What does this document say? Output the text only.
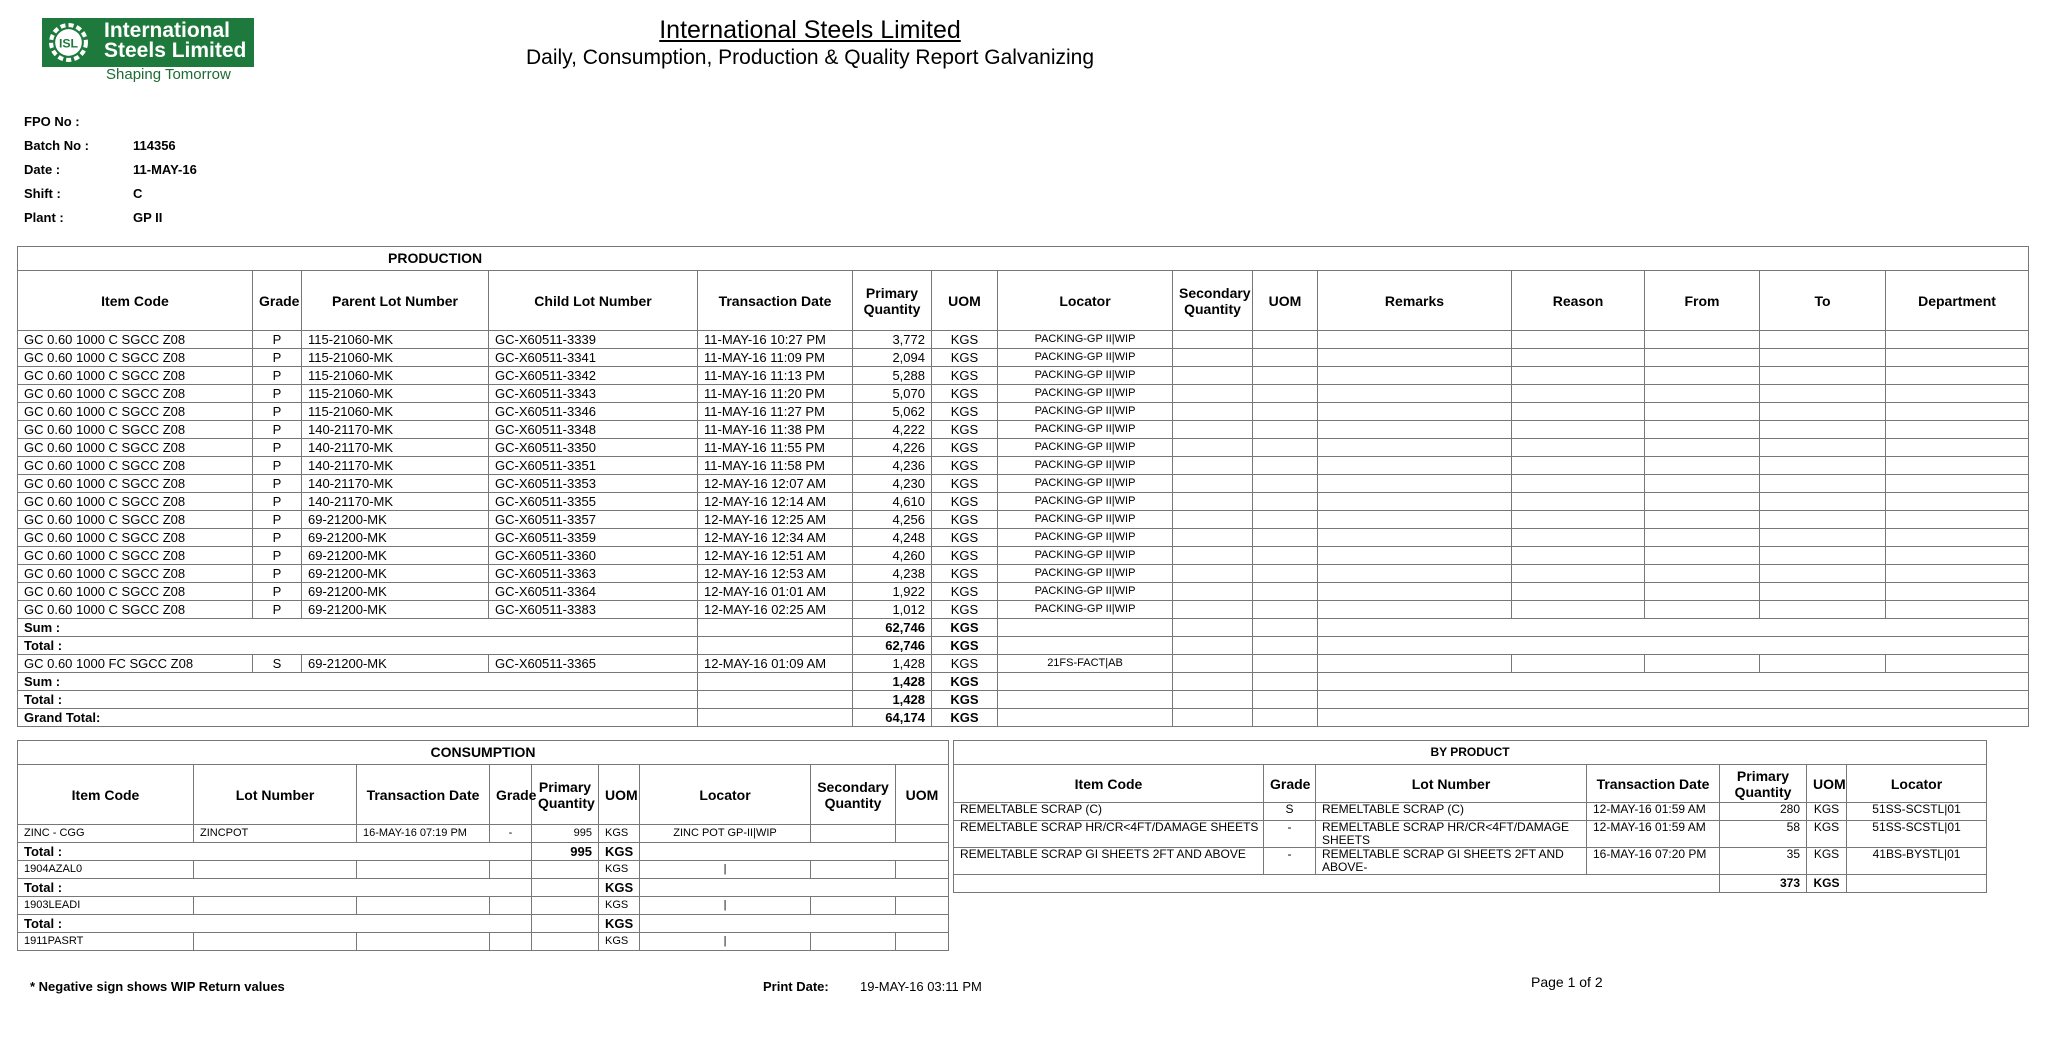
ISL
International
Steels Limited
Shaping Tomorrow
International Steels Limited
Daily, Consumption, Production & Quality Report Galvanizing
FPO No :
Batch No :	114356
Date :	11-MAY-16
Shift :	C
Plant :	GP II
PRODUCTION														
Item Code	Grade	Parent Lot Number	Child Lot Number	Transaction Date	Primary Quantity	UOM	Locator	Secondary Quantity	UOM	Remarks	Reason	From	To	Department
GC 0.60 1000 C SGCC Z08	P	115-21060-MK	GC-X60511-3339	11-MAY-16 10:27 PM	3,772	KGS	PACKING-GP II|WIP							
GC 0.60 1000 C SGCC Z08	P	115-21060-MK	GC-X60511-3341	11-MAY-16 11:09 PM	2,094	KGS	PACKING-GP II|WIP							
GC 0.60 1000 C SGCC Z08	P	115-21060-MK	GC-X60511-3342	11-MAY-16 11:13 PM	5,288	KGS	PACKING-GP II|WIP							
GC 0.60 1000 C SGCC Z08	P	115-21060-MK	GC-X60511-3343	11-MAY-16 11:20 PM	5,070	KGS	PACKING-GP II|WIP							
GC 0.60 1000 C SGCC Z08	P	115-21060-MK	GC-X60511-3346	11-MAY-16 11:27 PM	5,062	KGS	PACKING-GP II|WIP							
GC 0.60 1000 C SGCC Z08	P	140-21170-MK	GC-X60511-3348	11-MAY-16 11:38 PM	4,222	KGS	PACKING-GP II|WIP							
GC 0.60 1000 C SGCC Z08	P	140-21170-MK	GC-X60511-3350	11-MAY-16 11:55 PM	4,226	KGS	PACKING-GP II|WIP							
GC 0.60 1000 C SGCC Z08	P	140-21170-MK	GC-X60511-3351	11-MAY-16 11:58 PM	4,236	KGS	PACKING-GP II|WIP							
GC 0.60 1000 C SGCC Z08	P	140-21170-MK	GC-X60511-3353	12-MAY-16 12:07 AM	4,230	KGS	PACKING-GP II|WIP							
GC 0.60 1000 C SGCC Z08	P	140-21170-MK	GC-X60511-3355	12-MAY-16 12:14 AM	4,610	KGS	PACKING-GP II|WIP							
GC 0.60 1000 C SGCC Z08	P	69-21200-MK	GC-X60511-3357	12-MAY-16 12:25 AM	4,256	KGS	PACKING-GP II|WIP							
GC 0.60 1000 C SGCC Z08	P	69-21200-MK	GC-X60511-3359	12-MAY-16 12:34 AM	4,248	KGS	PACKING-GP II|WIP							
GC 0.60 1000 C SGCC Z08	P	69-21200-MK	GC-X60511-3360	12-MAY-16 12:51 AM	4,260	KGS	PACKING-GP II|WIP							
GC 0.60 1000 C SGCC Z08	P	69-21200-MK	GC-X60511-3363	12-MAY-16 12:53 AM	4,238	KGS	PACKING-GP II|WIP							
GC 0.60 1000 C SGCC Z08	P	69-21200-MK	GC-X60511-3364	12-MAY-16 01:01 AM	1,922	KGS	PACKING-GP II|WIP							
GC 0.60 1000 C SGCC Z08	P	69-21200-MK	GC-X60511-3383	12-MAY-16 02:25 AM	1,012	KGS	PACKING-GP II|WIP							
Sum :					62,746	KGS								
Total :					62,746	KGS								
GC 0.60 1000 FC SGCC Z08	S	69-21200-MK	GC-X60511-3365	12-MAY-16 01:09 AM	1,428	KGS	21FS-FACT|AB							
Sum :					1,428	KGS								
Total :					1,428	KGS								
Grand Total:					64,174	KGS								
CONSUMPTION								
Item Code	Lot Number	Transaction Date	Grade	Primary Quantity	UOM	Locator	Secondary Quantity	UOM
ZINC - CGG	ZINCPOT	16-MAY-16 07:19 PM	-	995	KGS	ZINC POT GP-II|WIP		
Total :				995	KGS			
1904AZAL0					KGS	|		
Total :					KGS			
1903LEADI					KGS	|		
Total :					KGS			
1911PASRT					KGS	|		
BY PRODUCT						
Item Code	Grade	Lot Number	Transaction Date	Primary Quantity	UOM	Locator
REMELTABLE SCRAP (C)	S	REMELTABLE SCRAP (C)	12-MAY-16 01:59 AM	280	KGS	51SS-SCSTL|01
REMELTABLE SCRAP HR/CR<4FT/DAMAGE SHEETS	-	REMELTABLE SCRAP HR/CR<4FT/DAMAGE SHEETS	12-MAY-16 01:59 AM	58	KGS	51SS-SCSTL|01
REMELTABLE SCRAP GI SHEETS 2FT AND ABOVE	-	REMELTABLE SCRAP GI SHEETS 2FT AND ABOVE-	16-MAY-16 07:20 PM	35	KGS	41BS-BYSTL|01
				373	KGS	
* Negative sign shows WIP Return values	Print Date: 19-MAY-16 03:11 PM	Page 1 of 2
